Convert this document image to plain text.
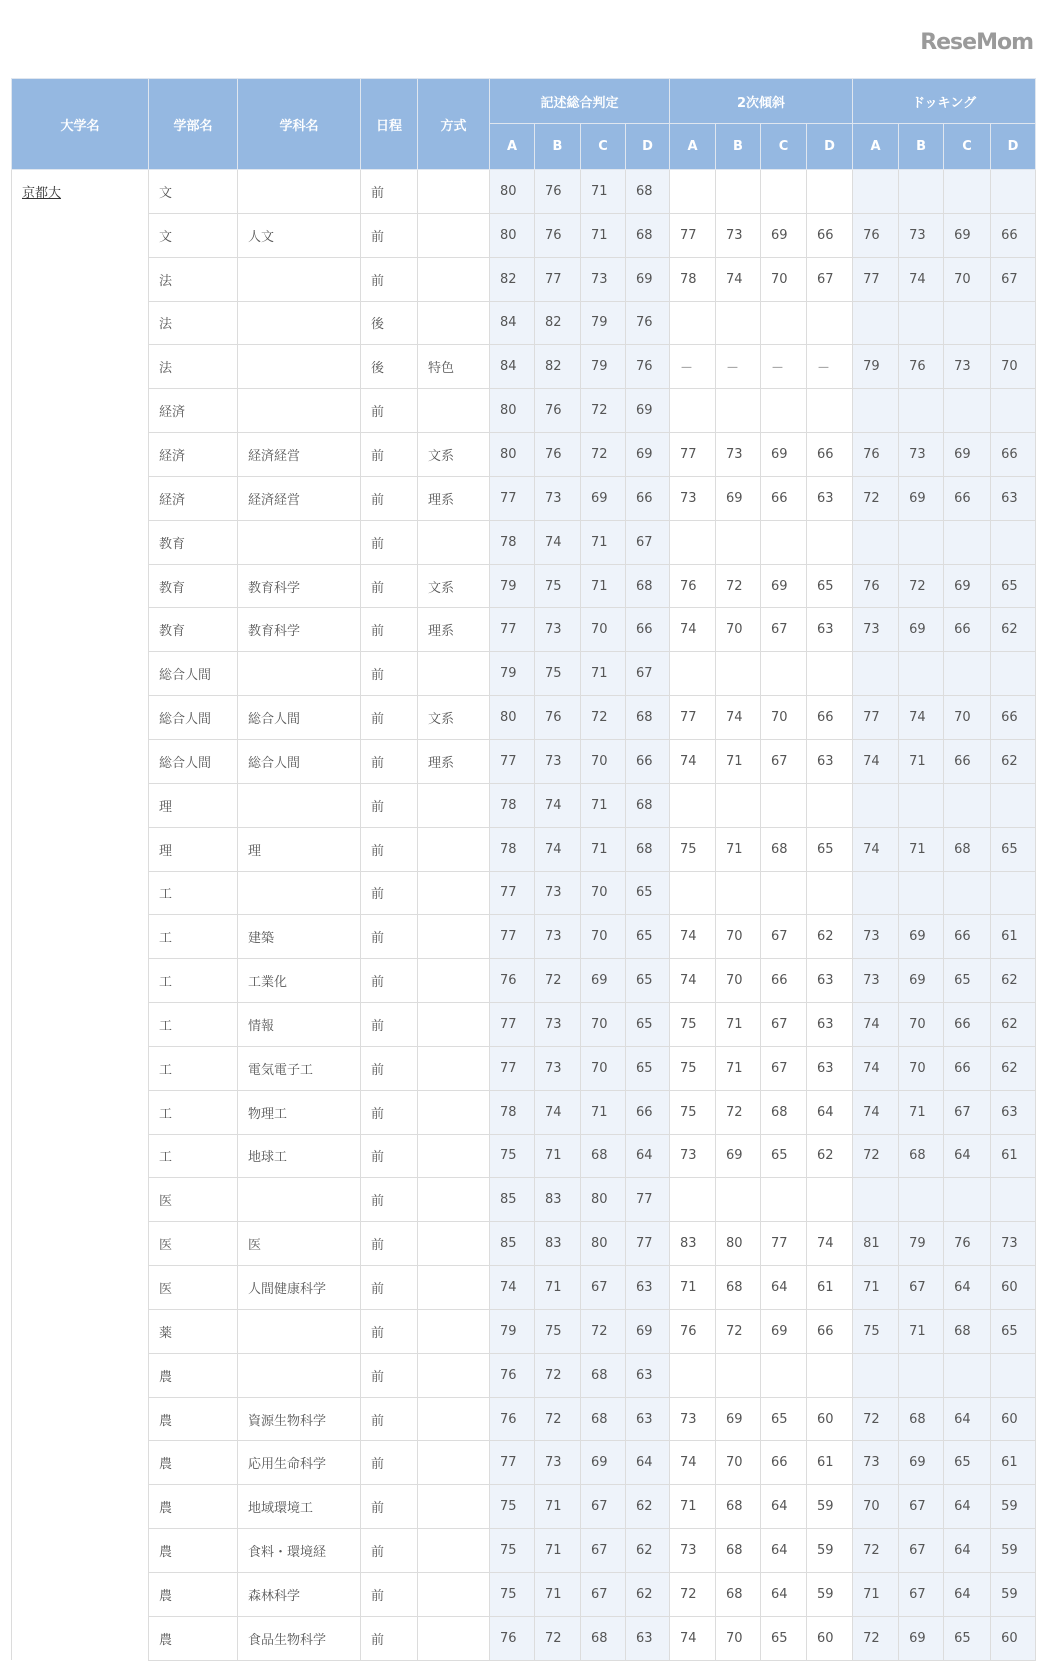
大学名	学部名	学科名	日程	方式	記述総合判定				2次傾斜				ドッキング			
					A	B	C	D	A	B	C	D	A	B	C	D
京都大	文		前		80	76	71	68								
	文	人文	前		80	76	71	68	77	73	69	66	76	73	69	66
	法		前		82	77	73	69	78	74	70	67	77	74	70	67
	法		後		84	82	79	76								
	法		後	特色	84	82	79	76	－	－	－	－	79	76	73	70
	経済		前		80	76	72	69								
	経済	経済経営	前	文系	80	76	72	69	77	73	69	66	76	73	69	66
	経済	経済経営	前	理系	77	73	69	66	73	69	66	63	72	69	66	63
	教育		前		78	74	71	67								
	教育	教育科学	前	文系	79	75	71	68	76	72	69	65	76	72	69	65
	教育	教育科学	前	理系	77	73	70	66	74	70	67	63	73	69	66	62
	総合人間		前		79	75	71	67								
	総合人間	総合人間	前	文系	80	76	72	68	77	74	70	66	77	74	70	66
	総合人間	総合人間	前	理系	77	73	70	66	74	71	67	63	74	71	66	62
	理		前		78	74	71	68								
	理	理	前		78	74	71	68	75	71	68	65	74	71	68	65
	工		前		77	73	70	65								
	工	建築	前		77	73	70	65	74	70	67	62	73	69	66	61
	工	工業化	前		76	72	69	65	74	70	66	63	73	69	65	62
	工	情報	前		77	73	70	65	75	71	67	63	74	70	66	62
	工	電気電子工	前		77	73	70	65	75	71	67	63	74	70	66	62
	工	物理工	前		78	74	71	66	75	72	68	64	74	71	67	63
	工	地球工	前		75	71	68	64	73	69	65	62	72	68	64	61
	医		前		85	83	80	77								
	医	医	前		85	83	80	77	83	80	77	74	81	79	76	73
	医	人間健康科学	前		74	71	67	63	71	68	64	61	71	67	64	60
	薬		前		79	75	72	69	76	72	69	66	75	71	68	65
	農		前		76	72	68	63								
	農	資源生物科学	前		76	72	68	63	73	69	65	60	72	68	64	60
	農	応用生命科学	前		77	73	69	64	74	70	66	61	73	69	65	61
	農	地域環境工	前		75	71	67	62	71	68	64	59	70	67	64	59
	農	食料・環境経	前		75	71	67	62	73	68	64	59	72	67	64	59
	農	森林科学	前		75	71	67	62	72	68	64	59	71	67	64	59
	農	食品生物科学	前		76	72	68	63	74	70	65	60	72	69	65	60
ReseMom
